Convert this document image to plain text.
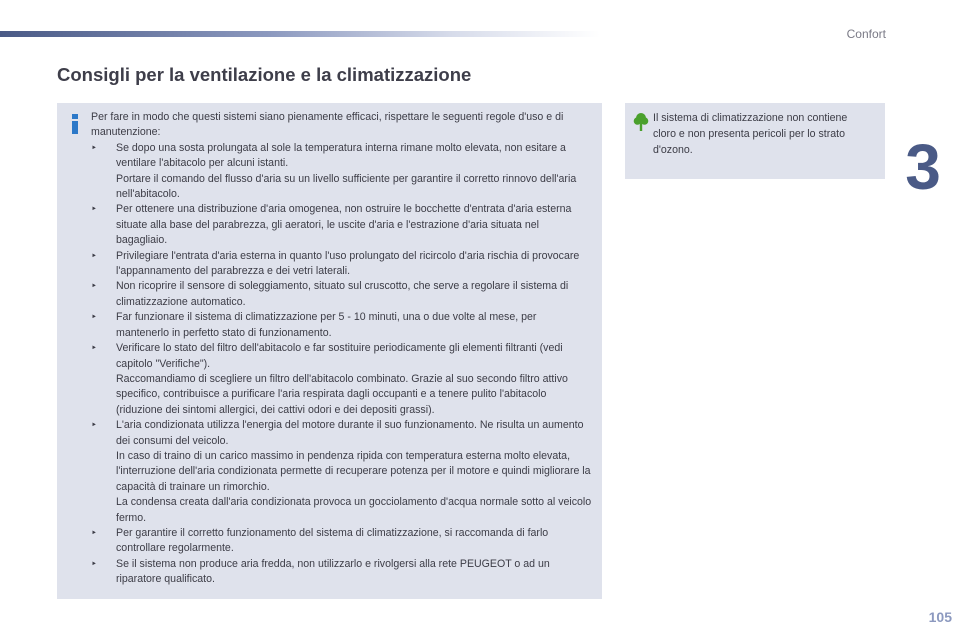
Confort
Consigli per la ventilazione e la climatizzazione
3

Per fare in modo che questi sistemi siano pienamente efficaci, rispettare le seguenti regole d'uso e di manutenzione:

‣ Se dopo una sosta prolungata al sole la temperatura interna rimane molto elevata, non esitare a ventilare l'abitacolo per alcuni istanti.

Portare il comando del flusso d'aria su un livello sufficiente per garantire il corretto rinnovo dell'aria nell'abitacolo.

‣ Per ottenere una distribuzione d'aria omogenea, non ostruire le bocchette d'entrata d'aria esterna situate alla base del parabrezza, gli aeratori, le uscite d'aria e l'estrazione d'aria situata nel bagagliaio.

‣ Privilegiare l'entrata d'aria esterna in quanto l'uso prolungato del ricircolo d'aria rischia di provocare l'appannamento del parabrezza e dei vetri laterali.

‣ Non ricoprire il sensore di soleggiamento, situato sul cruscotto, che serve a regolare il sistema di climatizzazione automatico.

‣ Far funzionare il sistema di climatizzazione per 5 - 10 minuti, una o due volte al mese, per mantenerlo in perfetto stato di funzionamento.

‣ Verificare lo stato del filtro dell'abitacolo e far sostituire periodicamente gli elementi filtranti (vedi capitolo "Verifiche").

Raccomandiamo di scegliere un filtro dell'abitacolo combinato. Grazie al suo secondo filtro attivo specifico, contribuisce a purificare l'aria respirata dagli occupanti e a tenere pulito l'abitacolo (riduzione dei sintomi allergici, dei cattivi odori e dei depositi grassi).

‣ L'aria condizionata utilizza l'energia del motore durante il suo funzionamento. Ne risulta un aumento dei consumi del veicolo.

In caso di traino di un carico massimo in pendenza ripida con temperatura esterna molto elevata, l'interruzione dell'aria condizionata permette di recuperare potenza per il motore e quindi migliorare la capacità di trainare un rimorchio.

La condensa creata dall'aria condizionata provoca un gocciolamento d'acqua normale sotto al veicolo fermo.

‣ Per garantire il corretto funzionamento del sistema di climatizzazione, si raccomanda di farlo controllare regolarmente.

‣ Se il sistema non produce aria fredda, non utilizzarlo e rivolgersi alla rete PEUGEOT o ad un riparatore qualificato.

Il sistema di climatizzazione non contiene cloro e non presenta pericoli per lo strato d'ozono.

105
